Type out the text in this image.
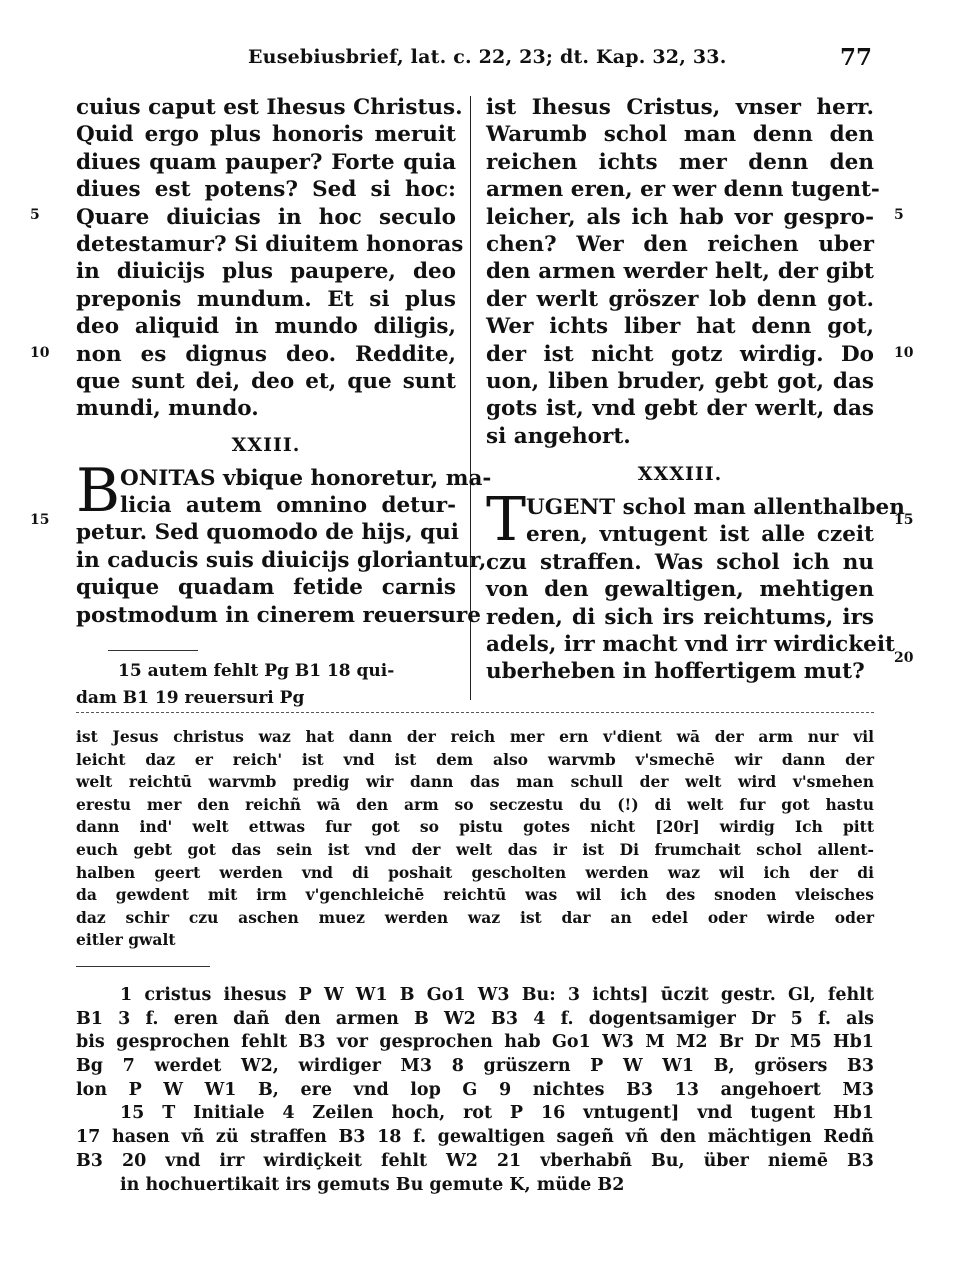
Eusebiusbrief, lat. c. 22, 23; dt. Kap. 32, 33.	77
5
10
15
5
10
15
20
cuius caput est Ihesus Christus.
Quid ergo plus honoris meruit
diues quam pauper? Forte quia
diues est potens? Sed si hoc:
Quare diuicias in hoc seculo
detestamur? Si diuitem honoras
in diuicijs plus paupere, deo
preponis mundum. Et si plus
deo aliquid in mundo diligis,
non es dignus deo. Reddite,
que sunt dei, deo et, que sunt
mundi, mundo.
XXIII.
B ONITAS vbique honoretur, ma-
licia autem omnino detur-
petur. Sed quomodo de hijs, qui
in caducis suis diuicijs gloriantur,
quique quadam fetide carnis
postmodum in cinerem reuersure
15 autem fehlt Pg B1 18 qui-
dam B1 19 reuersuri Pg
ist Ihesus Cristus, vnser herr.
Warumb schol man denn den
reichen ichts mer denn den
armen eren, er wer denn tugent-
leicher, als ich hab vor gespro-
chen? Wer den reichen uber
den armen werder helt, der gibt
der werlt gröszer lob denn got.
Wer ichts liber hat denn got,
der ist nicht gotz wirdig. Do
uon, liben bruder, gebt got, das
gots ist, vnd gebt der werlt, das
si angehort.
XXXIII.
T UGENT schol man allenthalben
eren, vntugent ist alle czeit
czu straffen. Was schol ich nu
von den gewaltigen, mehtigen
reden, di sich irs reichtums, irs
adels, irr macht vnd irr wirdickeit
uberheben in hoffertigem mut?
ist Jesus christus waz hat dann der reich mer ern v'dient wā der arm nur vil
leicht daz er reich' ist vnd ist dem also warvmb v'smechē wir dann der
welt reichtū warvmb predig wir dann das man schull der welt wird v'smehen
erestu mer den reichñ wā den arm so seczestu du (!) di welt fur got hastu
dann ind' welt ettwas fur got so pistu gotes nicht [20r] wirdig Ich pitt
euch gebt got das sein ist vnd der welt das ir ist Di frumchait schol allent-
halben geert werden vnd di poshait gescholten werden waz wil ich der di
da gewdent mit irm v'genchleichē reichtū was wil ich des snoden vleisches
daz schir czu aschen muez werden waz ist dar an edel oder wirde oder
eitler gwalt
1 cristus ihesus P W W1 B Go1 W3 Bu: 3 ichts] ūczit gestr. Gl, fehlt
B1 3 f. eren dañ den armen B W2 B3 4 f. dogentsamiger Dr 5 f. als
bis gesprochen fehlt B3 vor gesprochen hab Go1 W3 M M2 Br Dr M5 Hb1
Bg 7 werdet W2, wirdiger M3 8 grüszern P W W1 B, grösers B3
lon P W W1 B, ere vnd lop G 9 nichtes B3 13 angehoert M3
15 T Initiale 4 Zeilen hoch, rot P 16 vntugent] vnd tugent Hb1
17 hasen vñ zü straffen B3 18 f. gewaltigen sageñ vñ den mächtigen Redñ
B3 20 vnd irr wirdiçkeit fehlt W2 21 vberhabñ Bu, über niemē B3
in hochuertikait irs gemuts Bu gemute K, müde B2
